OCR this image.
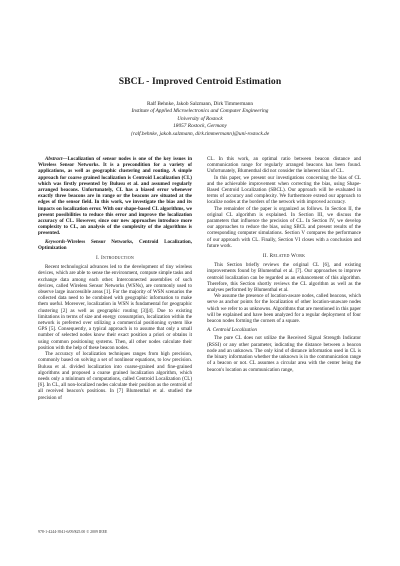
SBCL - Improved Centroid Estimation
Ralf Behnke, Jakob Salzmann, Dirk Timmermann
Institute of Applied Microelectronics and Computer Engineering
University of Rostock
18057 Rostock, Germany
{ralf.behnke, jakob.salzmann, dirk.timmermann}@uni-rostock.de

Abstract—Localization of sensor nodes is one of the key issues in Wireless Sensor Networks. It is a precondition for a variety of applications, as well as geographic clustering and routing. A simple approach for coarse grained localization is Centroid Localization (CL) which was firstly presented by Bulusu et al. and assumed regularly arranged beacons. Unfortunately, CL has a biased error whenever exactly three beacons are in range or the beacons are situated at the edges of the sensor field. In this work, we investigate the bias and its impacts on localization error. With our shape-based CL algorithms, we present possibilities to reduce this error and improve the localization accuracy of CL. However, since our new approaches introduce more complexity to CL, an analysis of the complexity of the algorithms is presented.

Keywords-Wireless Sensor Networks, Centroid Localization, Optimization

I. Introduction

Recent technological advances led to the development of tiny wireless devices, which are able to sense the environment, compute simple tasks and exchange data among each other. Interconnected assemblies of such devices, called Wireless Sensor Networks (WSNs), are commonly used to observe large inaccessible areas [1]. For the majority of WSN scenarios the collected data need to be combined with geographic information to make them useful. Moreover, localization in WSN is fundamental for geographic clustering [2] as well as geographic routing [3][4]. Due to existing limitations in terms of size and energy consumption, localization within the network is preferred over utilizing a commercial positioning system like GPS [5]. Consequently, a typical approach is to assume that only a small number of selected nodes know their exact position a priori or obtains it using common positioning systems. Then, all other nodes calculate their position with the help of these beacon nodes.

The accuracy of localization techniques ranges from high precision, commonly based on solving a set of nonlinear equations, to low precision. Bulusu et al. divided localization into coarse-grained and fine-grained algorithms and proposed a coarse grained localization algorithm, which needs only a minimum of computations, called Centroid Localization (CL) [6]. In CL, all non-localized nodes calculate their position as the centroid of all received beacon's positions. In [7] Blumenthal et al. studied the precision of

CL. In this work, an optimal ratio between beacon distance and communication range for regularly arranged beacons has been found. Unfortunately, Blumenthal did not consider the inherent bias of CL.

In this paper, we present our investigations concerning the bias of CL and the achievable improvement when correcting the bias, using Shape-Based Centroid Localization (SBCL). Our approach will be evaluated in terms of accuracy and complexity. We furthermore extend our approach to localize nodes at the borders of the network with improved accuracy.

The remainder of the paper is organized as follows. In Section II, the original CL algorithm is explained. In Section III, we discuss the parameters that influence the precision of CL. In Section IV, we develop our approaches to reduce the bias, using SBCL and present results of the corresponding computer simulations. Section V compares the performance of our approach with CL. Finally, Section VI closes with a conclusion and future work.

II. Related Work

This Section briefly reviews the original CL [6], and existing improvements found by Blumenthal et al. [7]. Our approaches to improve centroid localization can be regarded as an enhancement of this algorithm. Therefore, this Section shortly reviews the CL algorithm as well as the analyses performed by Blumenthal et al.

We assume the presence of location-aware nodes, called beacons, which serve as anchor points for the localization of other location-unaware nodes which we refer to as unknowns. Algorithms that are mentioned in this paper will be explained and have been analyzed for a regular deployment of four beacon nodes forming the corners of a square.

A. Centroid Localization

The pure CL does not utilize the Received Signal Strength Indicator (RSSI) or any other parameter, indicating the distance between a beacon node and an unknown. The only kind of distance information used in CL is the binary information whether the unknown is in the communication range of a beacon or not. CL assumes a circular area with the center being the beacon's location as communication range,

978-1-4244-3941-6/09/$25.00 © 2009 IEEE
